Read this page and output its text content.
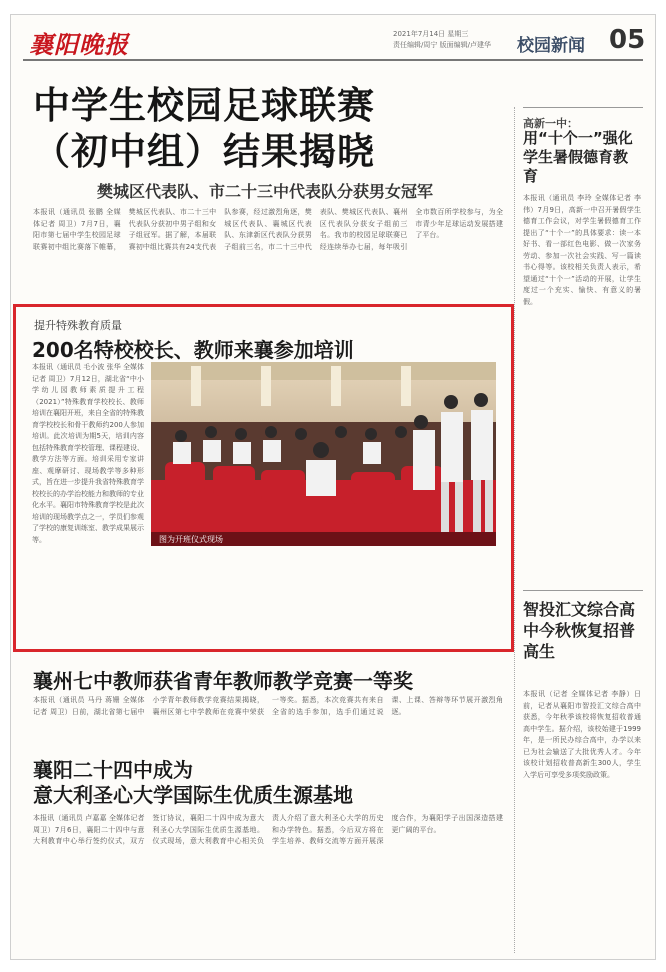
襄阳晚报	2021年7月14日 星期三
责任编辑/周宁 版面编辑/卢建华 校园新闻 05
中学生校园足球联赛
（初中组）结果揭晓
樊城区代表队、市二十三中代表队分获男女冠军
本报讯（通讯员 张鹏 全媒体记者 周卫）7月7日，襄阳市第七届中学生校园足球联赛初中组比赛落下帷幕，樊城区代表队、市二十三中代表队分获初中男子组和女子组冠军。据了解，本届联赛初中组比赛共有24支代表队参赛，经过激烈角逐，樊城区代表队、襄城区代表队、东津新区代表队分获男子组前三名，市二十三中代表队、樊城区代表队、襄州区代表队分获女子组前三名。我市的校园足球联赛已经连续举办七届，每年吸引全市数百所学校参与，为全市青少年足球运动发展搭建了平台。
提升特殊教育质量
200名特校校长、教师来襄参加培训
本报讯（通讯员 毛小波 张华 全媒体记者 周卫）7月12日，湖北省“中小学幼儿园教师素质提升工程（2021）”特殊教育学校校长、教师培训在襄阳开班，来自全省的特殊教育学校校长和骨干教师约200人参加培训。此次培训为期5天，培训内容包括特殊教育学校管理、课程建设、教学方法等方面。培训采用专家讲座、观摩研讨、现场教学等多种形式，旨在进一步提升我省特殊教育学校校长的办学治校能力和教师的专业化水平。襄阳市特殊教育学校是此次培训的现场教学点之一，学员们参观了学校的康复训练室、教学成果展示等。	图为开班仪式现场
高新一中：
用“十个一”强化学生暑假德育教育
本报讯（通讯员 李玲 全媒体记者 李伟）7月9日，高新一中召开暑假学生德育工作会议，对学生暑假德育工作提出了“十个一”的具体要求：读一本好书、看一部红色电影、做一次家务劳动、参加一次社会实践、写一篇读书心得等。该校相关负责人表示，希望通过“十个一”活动的开展，让学生度过一个充实、愉快、有意义的暑假。
智投汇文综合高中今秋恢复招普高生
本报讯（记者 全媒体记者 李静）日前，记者从襄阳市智投汇文综合高中获悉，今年秋季该校将恢复招收普通高中学生。据介绍，该校始建于1999年，是一所民办综合高中，办学以来已为社会输送了大批优秀人才。今年该校计划招收普高新生300人，学生入学后可享受多项奖励政策。
襄州七中教师获省青年教师教学竞赛一等奖
本报讯（通讯员 马丹 蒋姗 全媒体记者 周卫）日前，湖北省第七届中小学青年教师教学竞赛结果揭晓，襄州区第七中学教师在竞赛中荣获一等奖。据悉，本次竞赛共有来自全省的选手参加，选手们通过说课、上课、答辩等环节展开激烈角逐。
襄阳二十四中成为
意大利圣心大学国际生优质生源基地
本报讯（通讯员 卢嘉嘉 全媒体记者 周卫）7月6日，襄阳二十四中与意大利教育中心举行签约仪式，双方签订协议，襄阳二十四中成为意大利圣心大学国际生优质生源基地。仪式现场，意大利教育中心相关负责人介绍了意大利圣心大学的历史和办学特色。据悉，今后双方将在学生培养、教师交流等方面开展深度合作，为襄阳学子出国深造搭建更广阔的平台。
